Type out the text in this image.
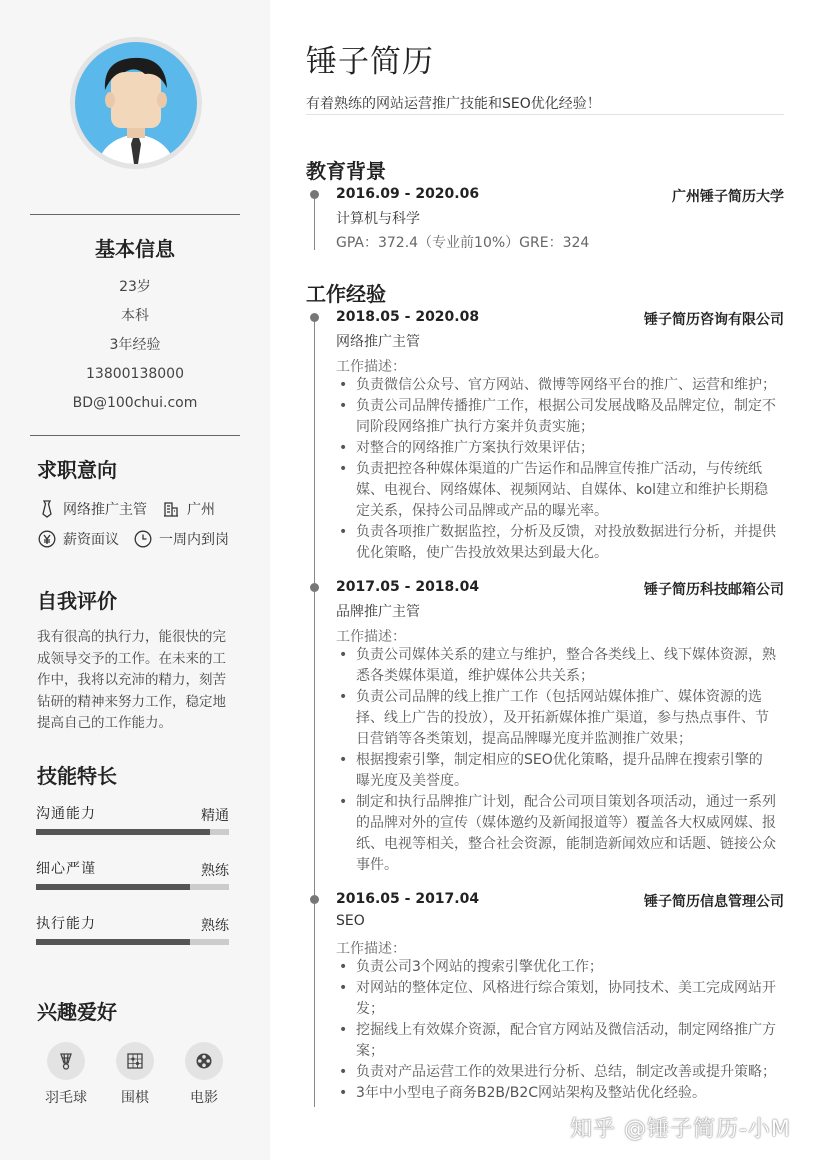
基本信息
23岁
本科
3年经验
13800138000
BD@100chui.com
求职意向
网络推广主管	广州
薪资面议	一周内到岗
自我评价
我有很高的执行力，能很快的完成领导交予的工作。在未来的工作中，我将以充沛的精力，刻苦钻研的精神来努力工作，稳定地提高自己的工作能力。
技能特长
沟通能力	精通
细心严谨	熟练
执行能力	熟练
兴趣爱好
羽毛球	围棋	电影
锤子简历
有着熟练的网站运营推广技能和SEO优化经验！
教育背景
2016.09 - 2020.06	广州锤子简历大学
计算机与科学
GPA：372.4（专业前10%）GRE：324
工作经验
2018.05 - 2020.08	锤子简历咨询有限公司
网络推广主管
工作描述：
• 负责微信公众号、官方网站、微博等网络平台的推广、运营和维护；
• 负责公司品牌传播推广工作，根据公司发展战略及品牌定位，制定不同阶段网络推广执行方案并负责实施；
• 对整合的网络推广方案执行效果评估；
• 负责把控各种媒体渠道的广告运作和品牌宣传推广活动，与传统纸媒、电视台、网络媒体、视频网站、自媒体、kol建立和维护长期稳定关系，保持公司品牌或产品的曝光率。
• 负责各项推广数据监控，分析及反馈，对投放数据进行分析，并提供优化策略，使广告投放效果达到最大化。
2017.05 - 2018.04	锤子简历科技邮箱公司
品牌推广主管
工作描述：
• 负责公司媒体关系的建立与维护，整合各类线上、线下媒体资源，熟悉各类媒体渠道，维护媒体公共关系；
• 负责公司品牌的线上推广工作（包括网站媒体推广、媒体资源的选择、线上广告的投放），及开拓新媒体推广渠道，参与热点事件、节日营销等各类策划，提高品牌曝光度并监测推广效果；
• 根据搜索引擎，制定相应的SEO优化策略，提升品牌在搜索引擎的曝光度及美誉度。
• 制定和执行品牌推广计划，配合公司项目策划各项活动，通过一系列的品牌对外的宣传（媒体邀约及新闻报道等）覆盖各大权威网媒、报纸、电视等相关，整合社会资源，能制造新闻效应和话题、链接公众事件。
2016.05 - 2017.04	锤子简历信息管理公司
SEO
工作描述：
• 负责公司3个网站的搜索引擎优化工作；
• 对网站的整体定位、风格进行综合策划，协同技术、美工完成网站开发；
• 挖掘线上有效媒介资源，配合官方网站及微信活动，制定网络推广方案；
• 负责对产品运营工作的效果进行分析、总结，制定改善或提升策略；
• 3年中小型电子商务B2B/B2C网站架构及整站优化经验。
知乎 @锤子简历-小M
